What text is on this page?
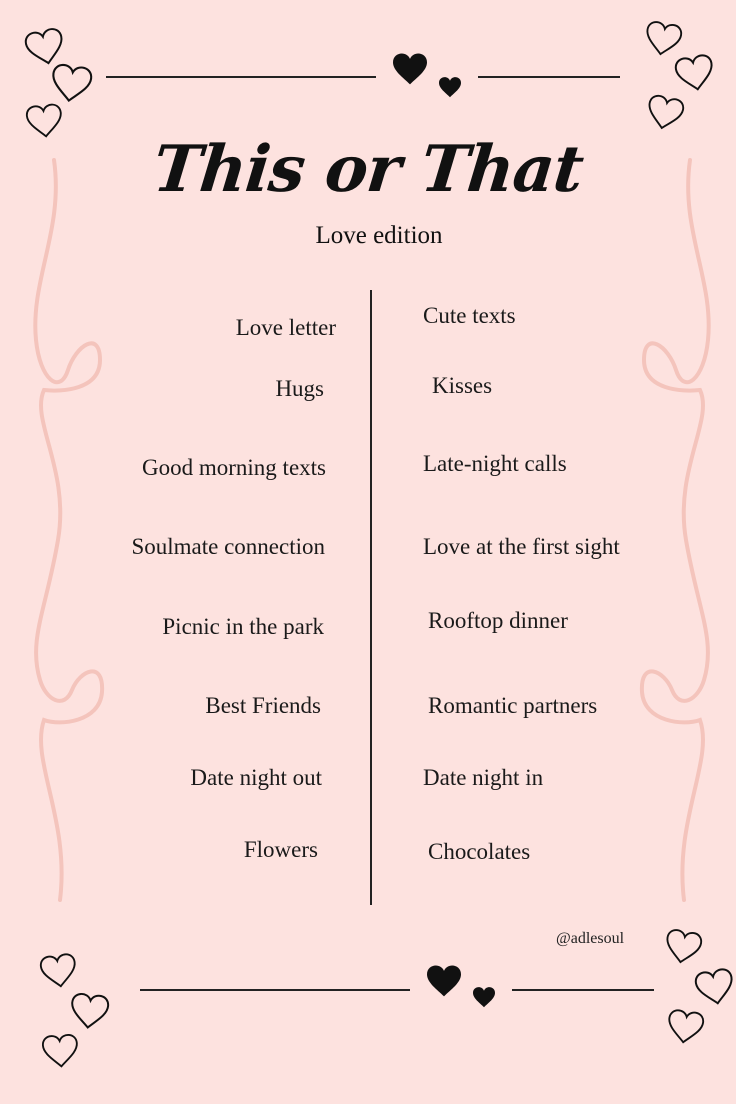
This or That
Love edition
Love letter
Hugs
Good morning texts
Soulmate connection
Picnic in the park
Best Friends
Date night out
Flowers
Cute texts
Kisses
Late-night calls
Love at the first sight
Rooftop dinner
Romantic partners
Date night in
Chocolates
@adlesoul
